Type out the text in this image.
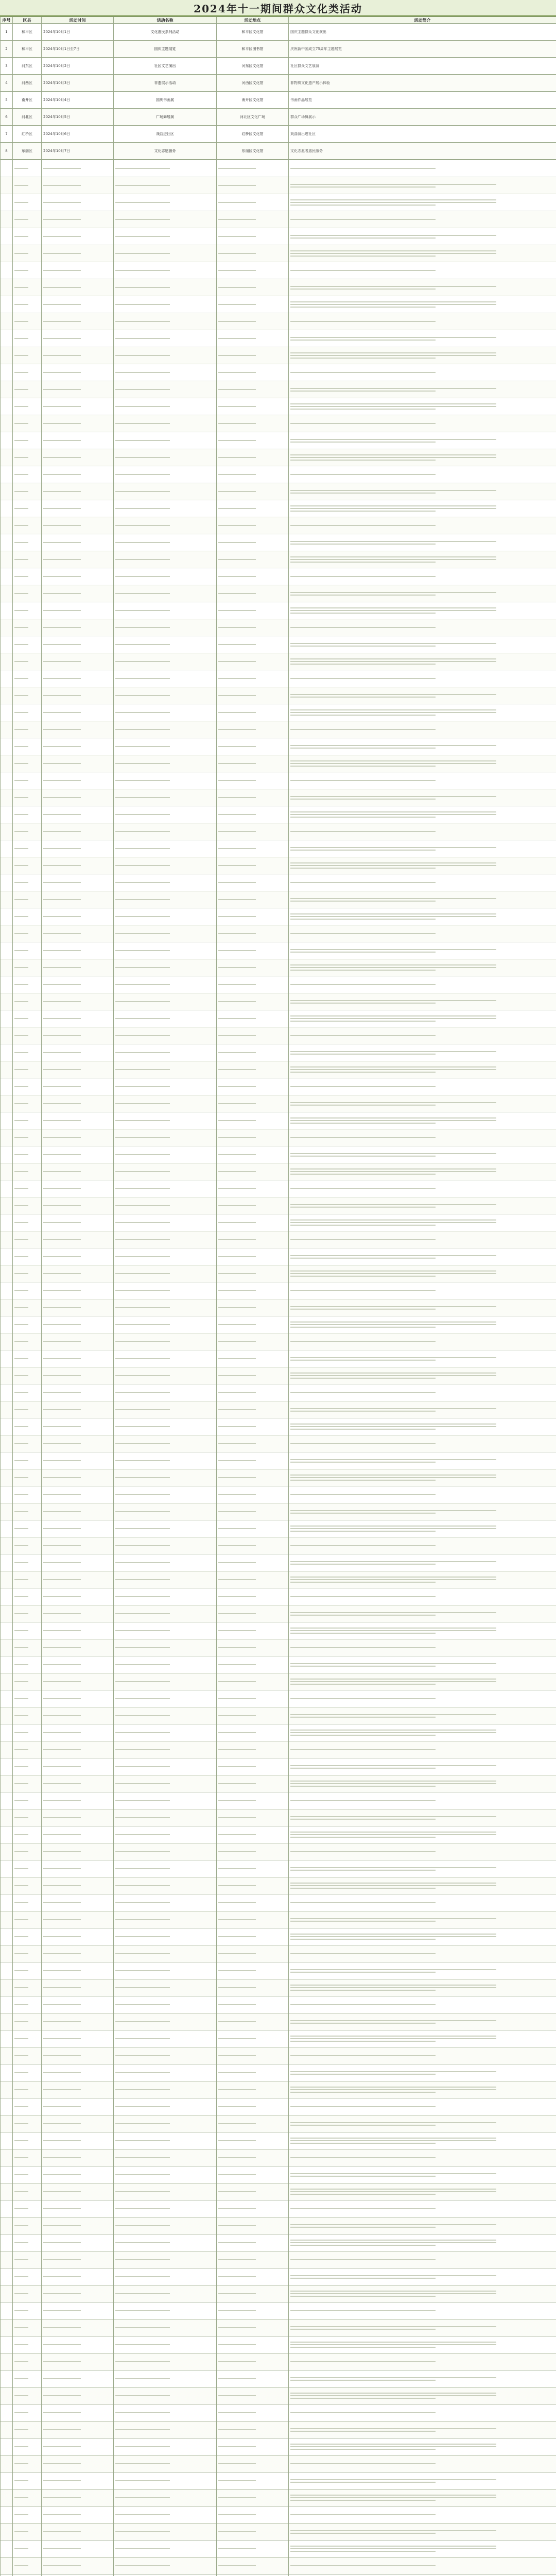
2024年十一期间群众文化类活动
序号	区县	活动时间	活动名称	活动地点	活动简介
1	和平区	2024年10月1日	文化惠民系列活动	和平区文化馆	国庆主题群众文化演出
2	和平区	2024年10月1日至7日	国庆主题展览	和平区图书馆	庆祝新中国成立75周年主题展览
3	河东区	2024年10月2日	社区文艺演出	河东区文化馆	社区群众文艺展演
4	河西区	2024年10月3日	非遗展示活动	河西区文化馆	非物质文化遗产展示体验
5	南开区	2024年10月4日	国庆书画展	南开区文化馆	书画作品展览
6	河北区	2024年10月5日	广场舞展演	河北区文化广场	群众广场舞展示
7	红桥区	2024年10月6日	戏曲进社区	红桥区文化馆	戏曲演出进社区
8	东丽区	2024年10月7日	文化志愿服务	东丽区文化馆	文化志愿者惠民服务
